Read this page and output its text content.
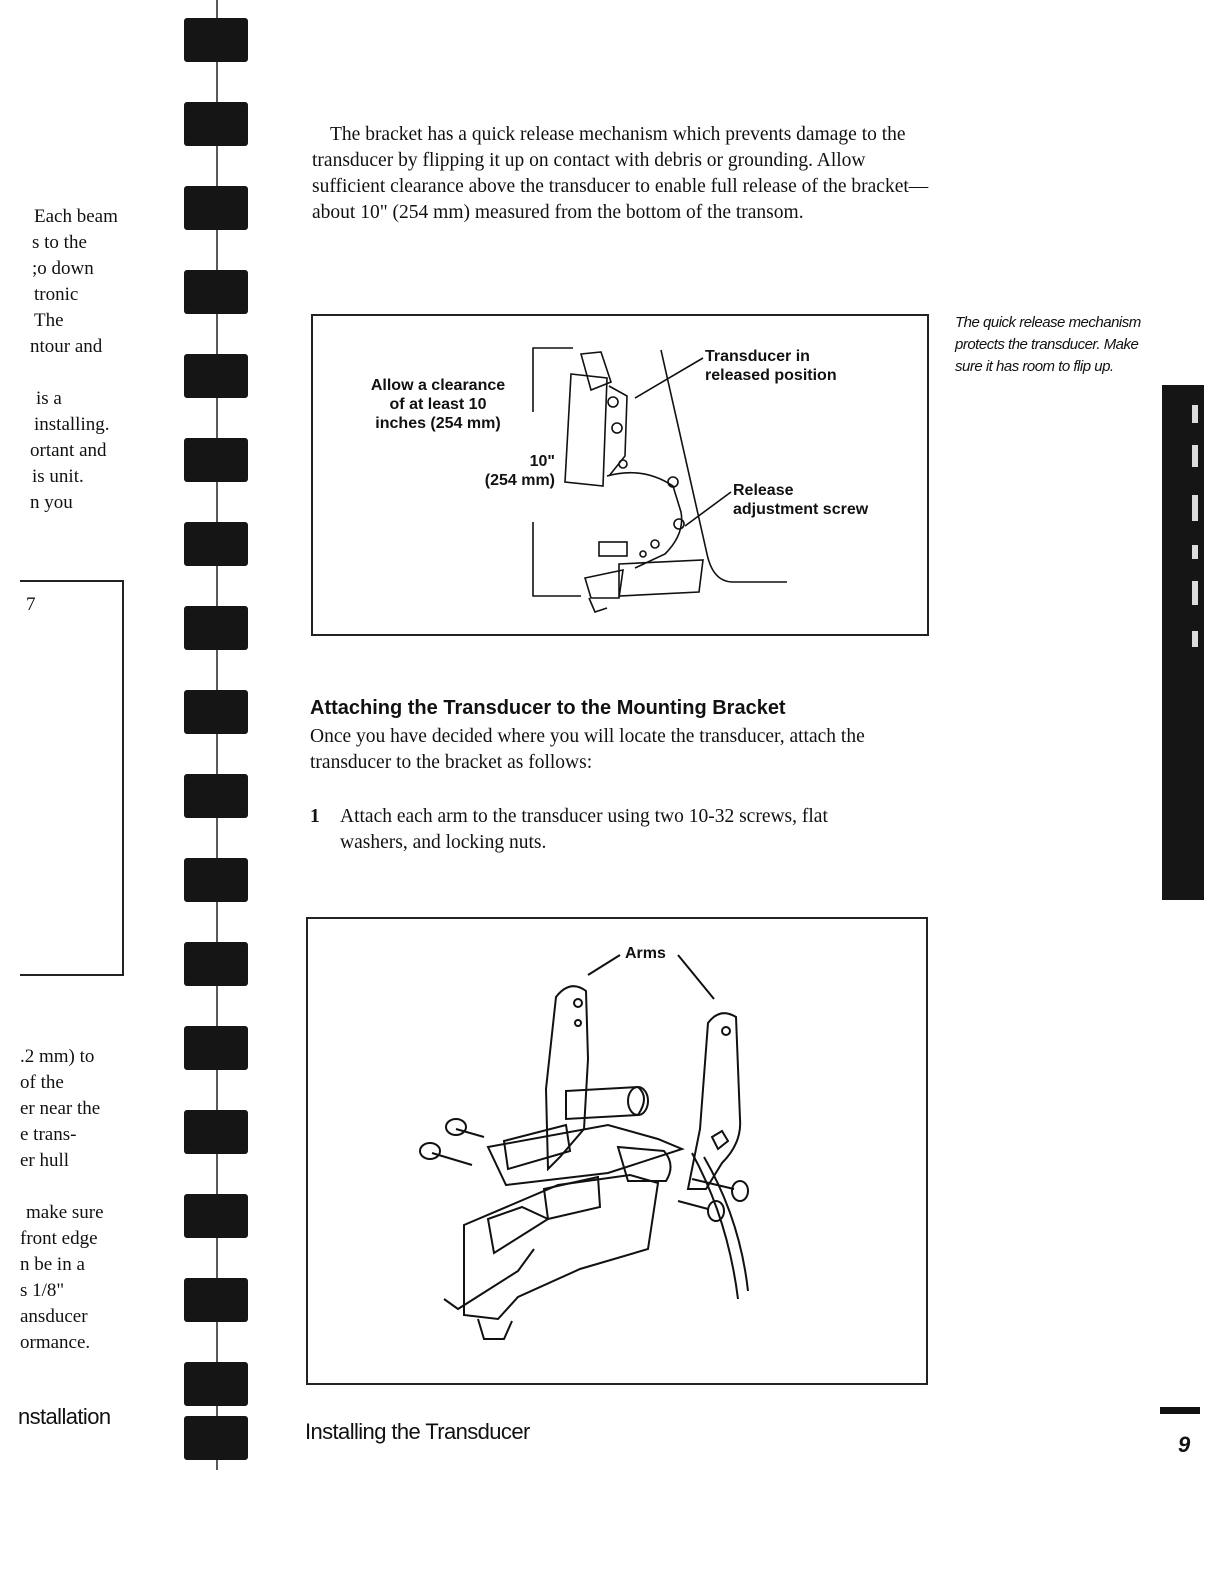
Each beam
s to the
;o down
tronic
The
ntour and
is a
installing.
ortant and
is unit.
n you
7
.2 mm) to
of the
er near the
e trans-
er hull
make sure
front edge
n be in a
s 1/8"
ansducer
ormance.
nstallation
The bracket has a quick release mechanism which prevents damage to the transducer by flipping it up on contact with debris or grounding. Allow sufficient clearance above the transducer to enable full release of the bracket—about 10" (254 mm) measured from the bottom of the transom.
Allow a clearance
of at least 10
inches (254 mm)
10"
(254 mm)
Transducer in
released position
Release
adjustment screw
Attaching the Transducer to the Mounting Bracket
Once you have decided where you will locate the transducer, attach the transducer to the bracket as follows:
1 Attach each arm to the transducer using two 10-32 screws, flat washers, and locking nuts.
Arms
The quick release mechanism protects the transducer. Make sure it has room to flip up.
Installing the Transducer
9
